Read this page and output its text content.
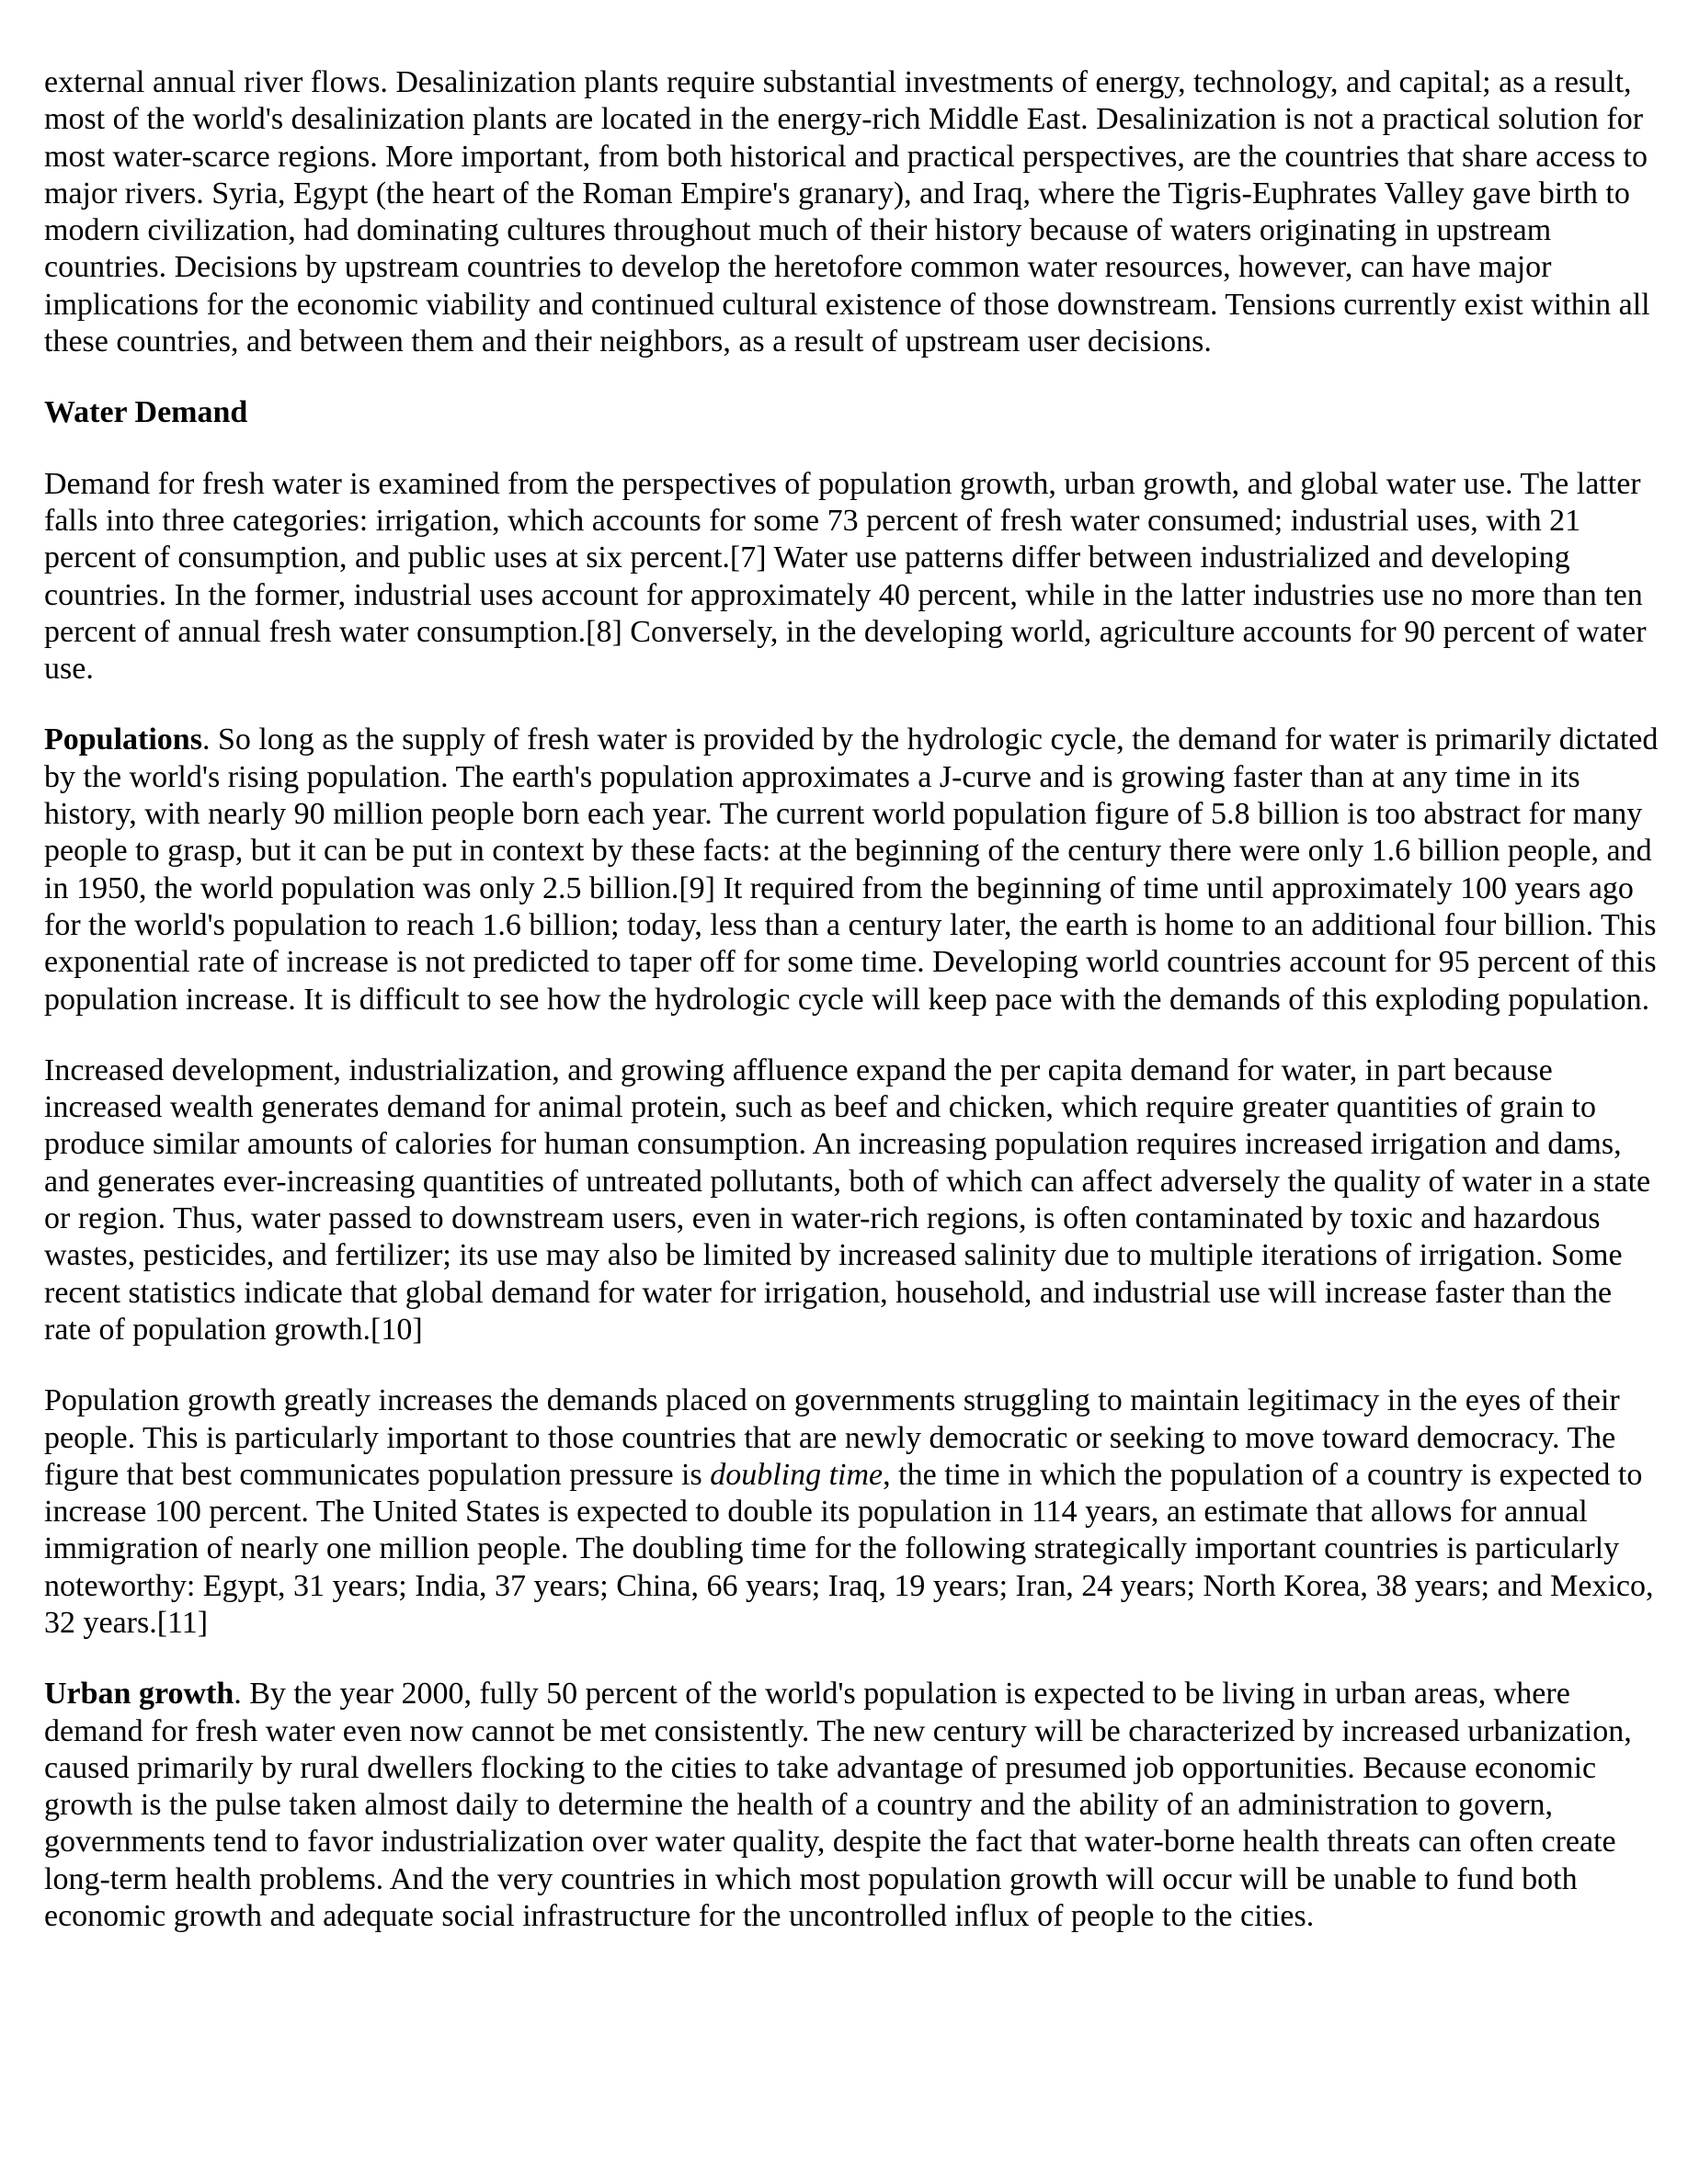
external annual river flows. Desalinization plants require substantial investments of energy, technology, and capital; as a result, most of the world's desalinization plants are located in the energy-rich Middle East. Desalinization is not a practical solution for most water-scarce regions. More important, from both historical and practical perspectives, are the countries that share access to major rivers. Syria, Egypt (the heart of the Roman Empire's granary), and Iraq, where the Tigris-Euphrates Valley gave birth to modern civilization, had dominating cultures throughout much of their history because of waters originating in upstream countries. Decisions by upstream countries to develop the heretofore common water resources, however, can have major implications for the economic viability and continued cultural existence of those downstream. Tensions currently exist within all these countries, and between them and their neighbors, as a result of upstream user decisions.

Water Demand

Demand for fresh water is examined from the perspectives of population growth, urban growth, and global water use. The latter falls into three categories: irrigation, which accounts for some 73 percent of fresh water consumed; industrial uses, with 21 percent of consumption, and public uses at six percent.[7] Water use patterns differ between industrialized and developing countries. In the former, industrial uses account for approximately 40 percent, while in the latter industries use no more than ten percent of annual fresh water consumption.[8] Conversely, in the developing world, agriculture accounts for 90 percent of water use.

Populations. So long as the supply of fresh water is provided by the hydrologic cycle, the demand for water is primarily dictated by the world's rising population. The earth's population approximates a J-curve and is growing faster than at any time in its history, with nearly 90 million people born each year. The current world population figure of 5.8 billion is too abstract for many people to grasp, but it can be put in context by these facts: at the beginning of the century there were only 1.6 billion people, and in 1950, the world population was only 2.5 billion.[9] It required from the beginning of time until approximately 100 years ago for the world's population to reach 1.6 billion; today, less than a century later, the earth is home to an additional four billion. This exponential rate of increase is not predicted to taper off for some time. Developing world countries account for 95 percent of this population increase. It is difficult to see how the hydrologic cycle will keep pace with the demands of this exploding population.

Increased development, industrialization, and growing affluence expand the per capita demand for water, in part because increased wealth generates demand for animal protein, such as beef and chicken, which require greater quantities of grain to produce similar amounts of calories for human consumption. An increasing population requires increased irrigation and dams, and generates ever-increasing quantities of untreated pollutants, both of which can affect adversely the quality of water in a state or region. Thus, water passed to downstream users, even in water-rich regions, is often contaminated by toxic and hazardous wastes, pesticides, and fertilizer; its use may also be limited by increased salinity due to multiple iterations of irrigation. Some recent statistics indicate that global demand for water for irrigation, household, and industrial use will increase faster than the rate of population growth.[10]

Population growth greatly increases the demands placed on governments struggling to maintain legitimacy in the eyes of their people. This is particularly important to those countries that are newly democratic or seeking to move toward democracy. The figure that best communicates population pressure is doubling time, the time in which the population of a country is expected to increase 100 percent. The United States is expected to double its population in 114 years, an estimate that allows for annual immigration of nearly one million people. The doubling time for the following strategically important countries is particularly noteworthy: Egypt, 31 years; India, 37 years; China, 66 years; Iraq, 19 years; Iran, 24 years; North Korea, 38 years; and Mexico, 32 years.[11]

Urban growth. By the year 2000, fully 50 percent of the world's population is expected to be living in urban areas, where demand for fresh water even now cannot be met consistently. The new century will be characterized by increased urbanization, caused primarily by rural dwellers flocking to the cities to take advantage of presumed job opportunities. Because economic growth is the pulse taken almost daily to determine the health of a country and the ability of an administration to govern, governments tend to favor industrialization over water quality, despite the fact that water-borne health threats can often create long-term health problems. And the very countries in which most population growth will occur will be unable to fund both economic growth and adequate social infrastructure for the uncontrolled influx of people to the cities.
